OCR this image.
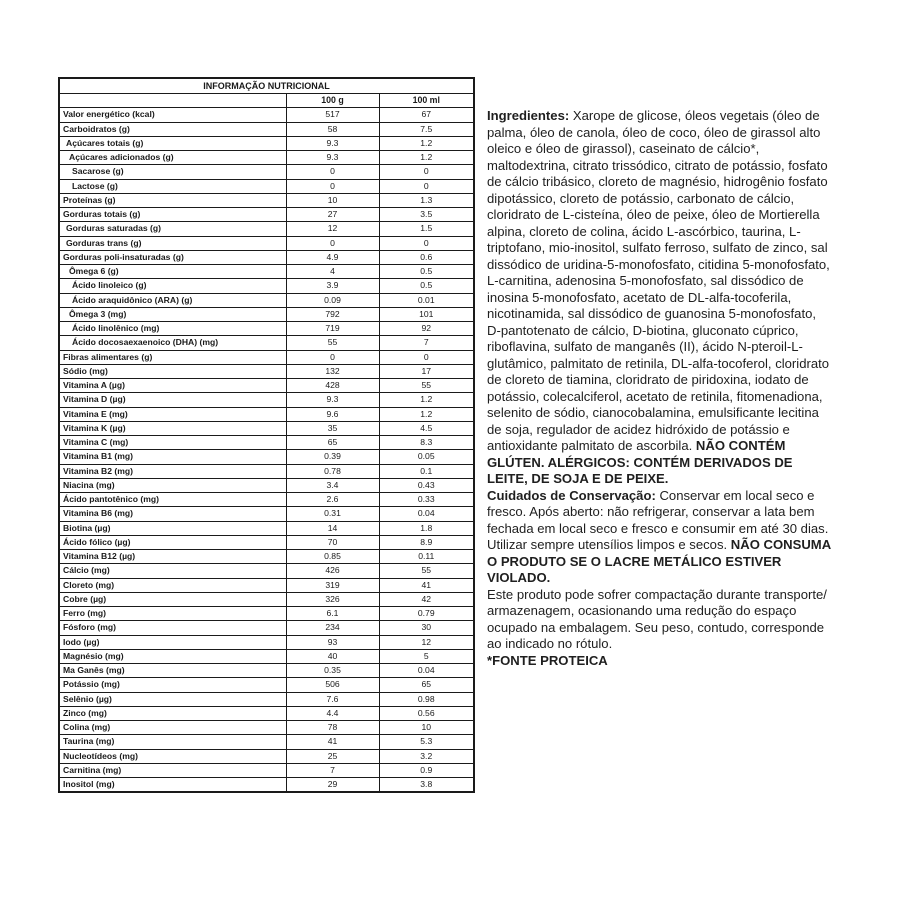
INFORMAÇÃO NUTRICIONAL		
	100 g	100 ml
Valor energético (kcal)	517	67
Carboidratos (g)	58	7.5
Açúcares totais (g)	9.3	1.2
Açúcares adicionados (g)	9.3	1.2
Sacarose (g)	0	0
Lactose (g)	0	0
Proteínas (g)	10	1.3
Gorduras totais (g)	27	3.5
Gorduras saturadas (g)	12	1.5
Gorduras trans (g)	0	0
Gorduras poli-insaturadas (g)	4.9	0.6
Ômega 6 (g)	4	0.5
Ácido linoleico (g)	3.9	0.5
Ácido araquidônico (ARA) (g)	0.09	0.01
Ômega 3 (mg)	792	101
Ácido linolênico (mg)	719	92
Ácido docosaexaenoico (DHA) (mg)	55	7
Fibras alimentares (g)	0	0
Sódio (mg)	132	17
Vitamina A (µg)	428	55
Vitamina D (µg)	9.3	1.2
Vitamina E (mg)	9.6	1.2
Vitamina K (µg)	35	4.5
Vitamina C (mg)	65	8.3
Vitamina B1 (mg)	0.39	0.05
Vitamina B2 (mg)	0.78	0.1
Niacina (mg)	3.4	0.43
Ácido pantotênico (mg)	2.6	0.33
Vitamina B6 (mg)	0.31	0.04
Biotina (µg)	14	1.8
Ácido fólico (µg)	70	8.9
Vitamina B12 (µg)	0.85	0.11
Cálcio (mg)	426	55
Cloreto (mg)	319	41
Cobre (µg)	326	42
Ferro (mg)	6.1	0.79
Fósforo (mg)	234	30
Iodo (µg)	93	12
Magnésio (mg)	40	5
Ma Ganês (mg)	0.35	0.04
Potássio (mg)	506	65
Selênio (µg)	7.6	0.98
Zinco (mg)	4.4	0.56
Colina (mg)	78	10
Taurina (mg)	41	5.3
Nucleotídeos (mg)	25	3.2
Carnitina (mg)	7	0.9
Inositol (mg)	29	3.8

Ingredientes: Xarope de glicose, óleos vegetais (óleo de palma, óleo de canola, óleo de coco, óleo de girassol alto oleico e óleo de girassol), caseinato de cálcio*, maltodextrina, citrato trissódico, citrato de potássio, fosfato de cálcio tribásico, cloreto de magnésio, hidrogênio fosfato dipotássico, cloreto de potássio, carbonato de cálcio, cloridrato de L-cisteína, óleo de peixe, óleo de Mortierella alpina, cloreto de colina, ácido L-ascórbico, taurina, L-triptofano, mio-inositol, sulfato ferroso, sulfato de zinco, sal dissódico de uridina-5-monofosfato, citidina 5-monofosfato, L-carnitina, adenosina 5-monofosfato, sal dissódico de inosina 5-monofosfato, acetato de DL-alfa-tocoferila, nicotinamida, sal dissódico de guanosina 5-monofosfato, D-pantotenato de cálcio, D-biotina, gluconato cúprico, riboflavina, sulfato de manganês (II), ácido N-pteroil-L-glutâmico, palmitato de retinila, DL-alfa-tocoferol, cloridrato de cloreto de tiamina, cloridrato de piridoxina, iodato de potássio, colecalciferol, acetato de retinila, fitomenadiona, selenito de sódio, cianocobalamina, emulsificante lecitina de soja, regulador de acidez hidróxido de potássio e antioxidante palmitato de ascorbila. NÃO CONTÉM GLÚTEN. ALÉRGICOS: CONTÉM DERIVADOS DE LEITE, DE SOJA E DE PEIXE.

Cuidados de Conservação: Conservar em local seco e fresco. Após aberto: não refrigerar, conservar a lata bem fechada em local seco e fresco e consumir em até 30 dias. Utilizar sempre utensílios limpos e secos. NÃO CONSUMA O PRODUTO SE O LACRE METÁLICO ESTIVER VIOLADO.

Este produto pode sofrer compactação durante transporte/ armazenagem, ocasionando uma redução do espaço ocupado na embalagem. Seu peso, contudo, corresponde ao indicado no rótulo.

*FONTE PROTEICA
